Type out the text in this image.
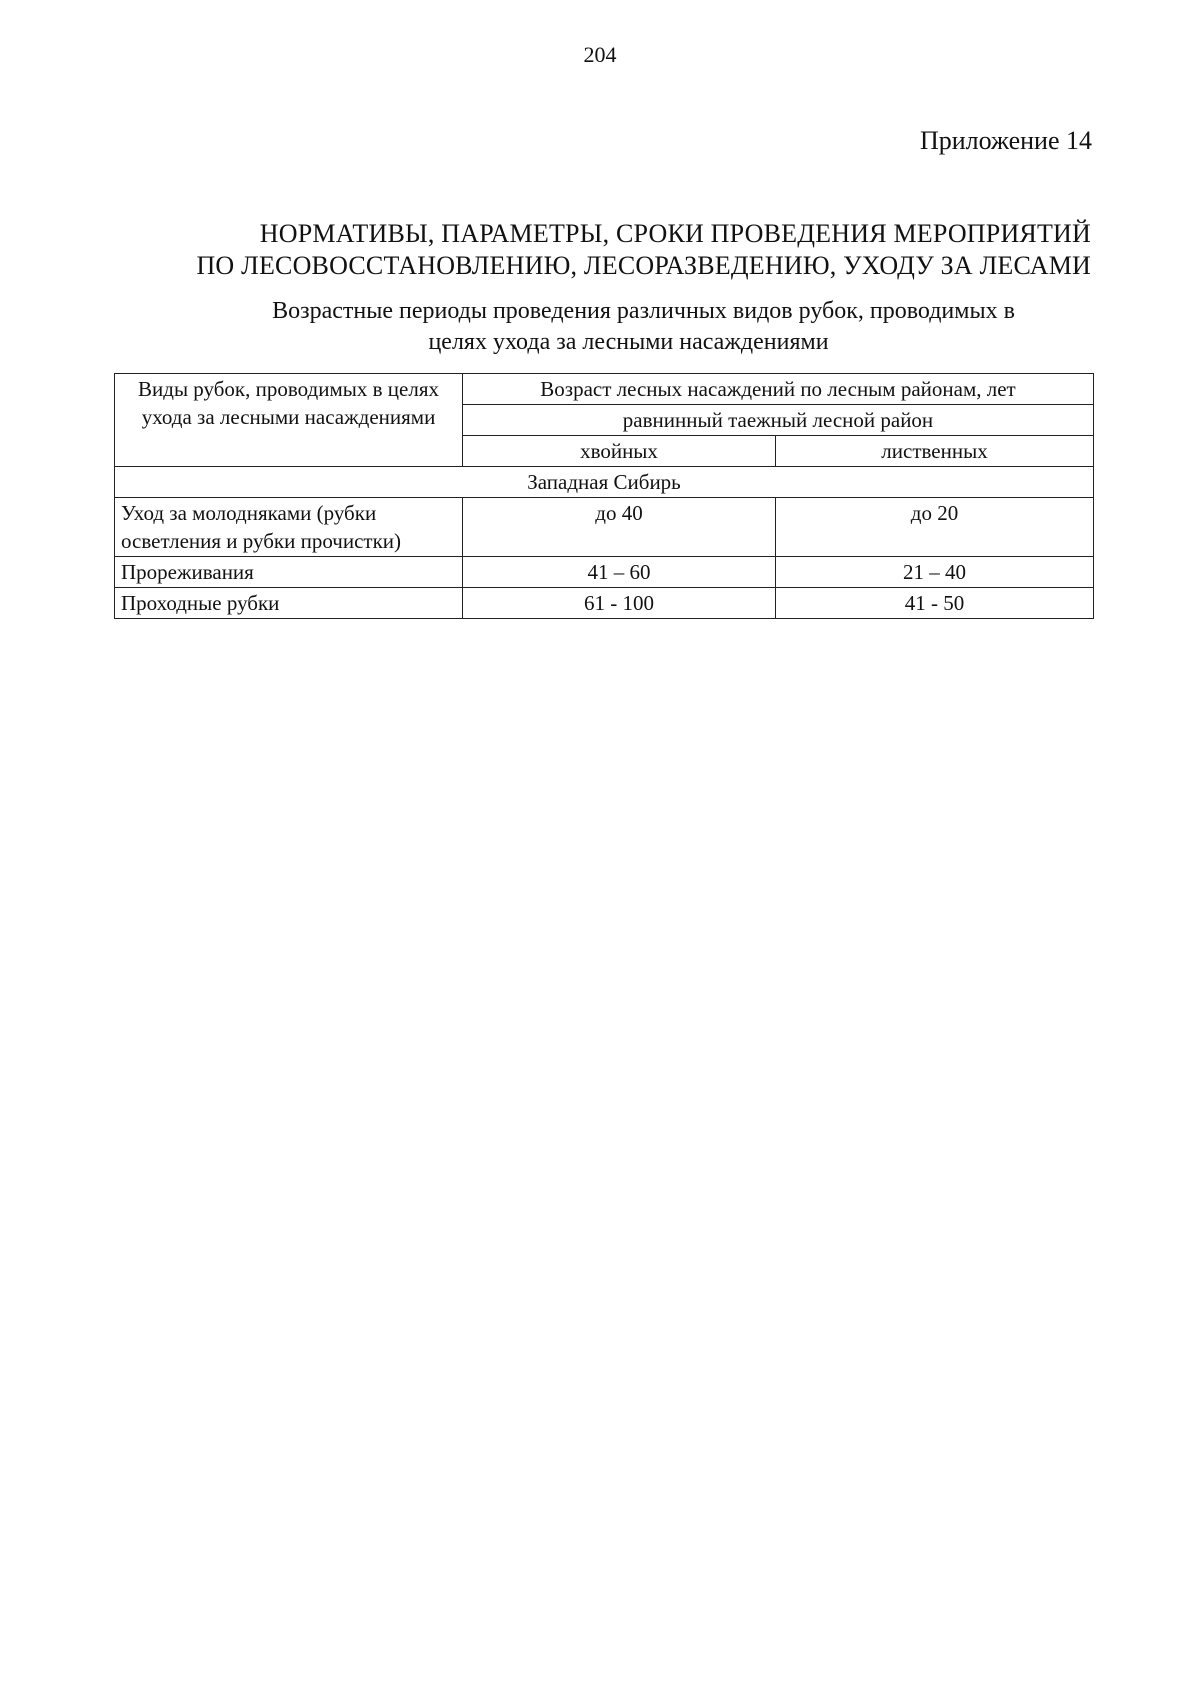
204
Приложение 14
НОРМАТИВЫ, ПАРАМЕТРЫ, СРОКИ ПРОВЕДЕНИЯ МЕРОПРИЯТИЙ
ПО ЛЕСОВОССТАНОВЛЕНИЮ, ЛЕСОРАЗВЕДЕНИЮ, УХОДУ ЗА ЛЕСАМИ
Возрастные периоды проведения различных видов рубок, проводимых в
целях ухода за лесными насаждениями
Виды рубок, проводимых в целях ухода за лесными насаждениями	Возраст лесных насаждений по лесным районам, лет	
	равнинный таежный лесной район	
	хвойных	лиственных
Западная Сибирь		
Уход за молодняками (рубки осветления и рубки прочистки)	до 40	до 20
Прореживания	41 – 60	21 – 40
Проходные рубки	61 - 100	41 - 50
